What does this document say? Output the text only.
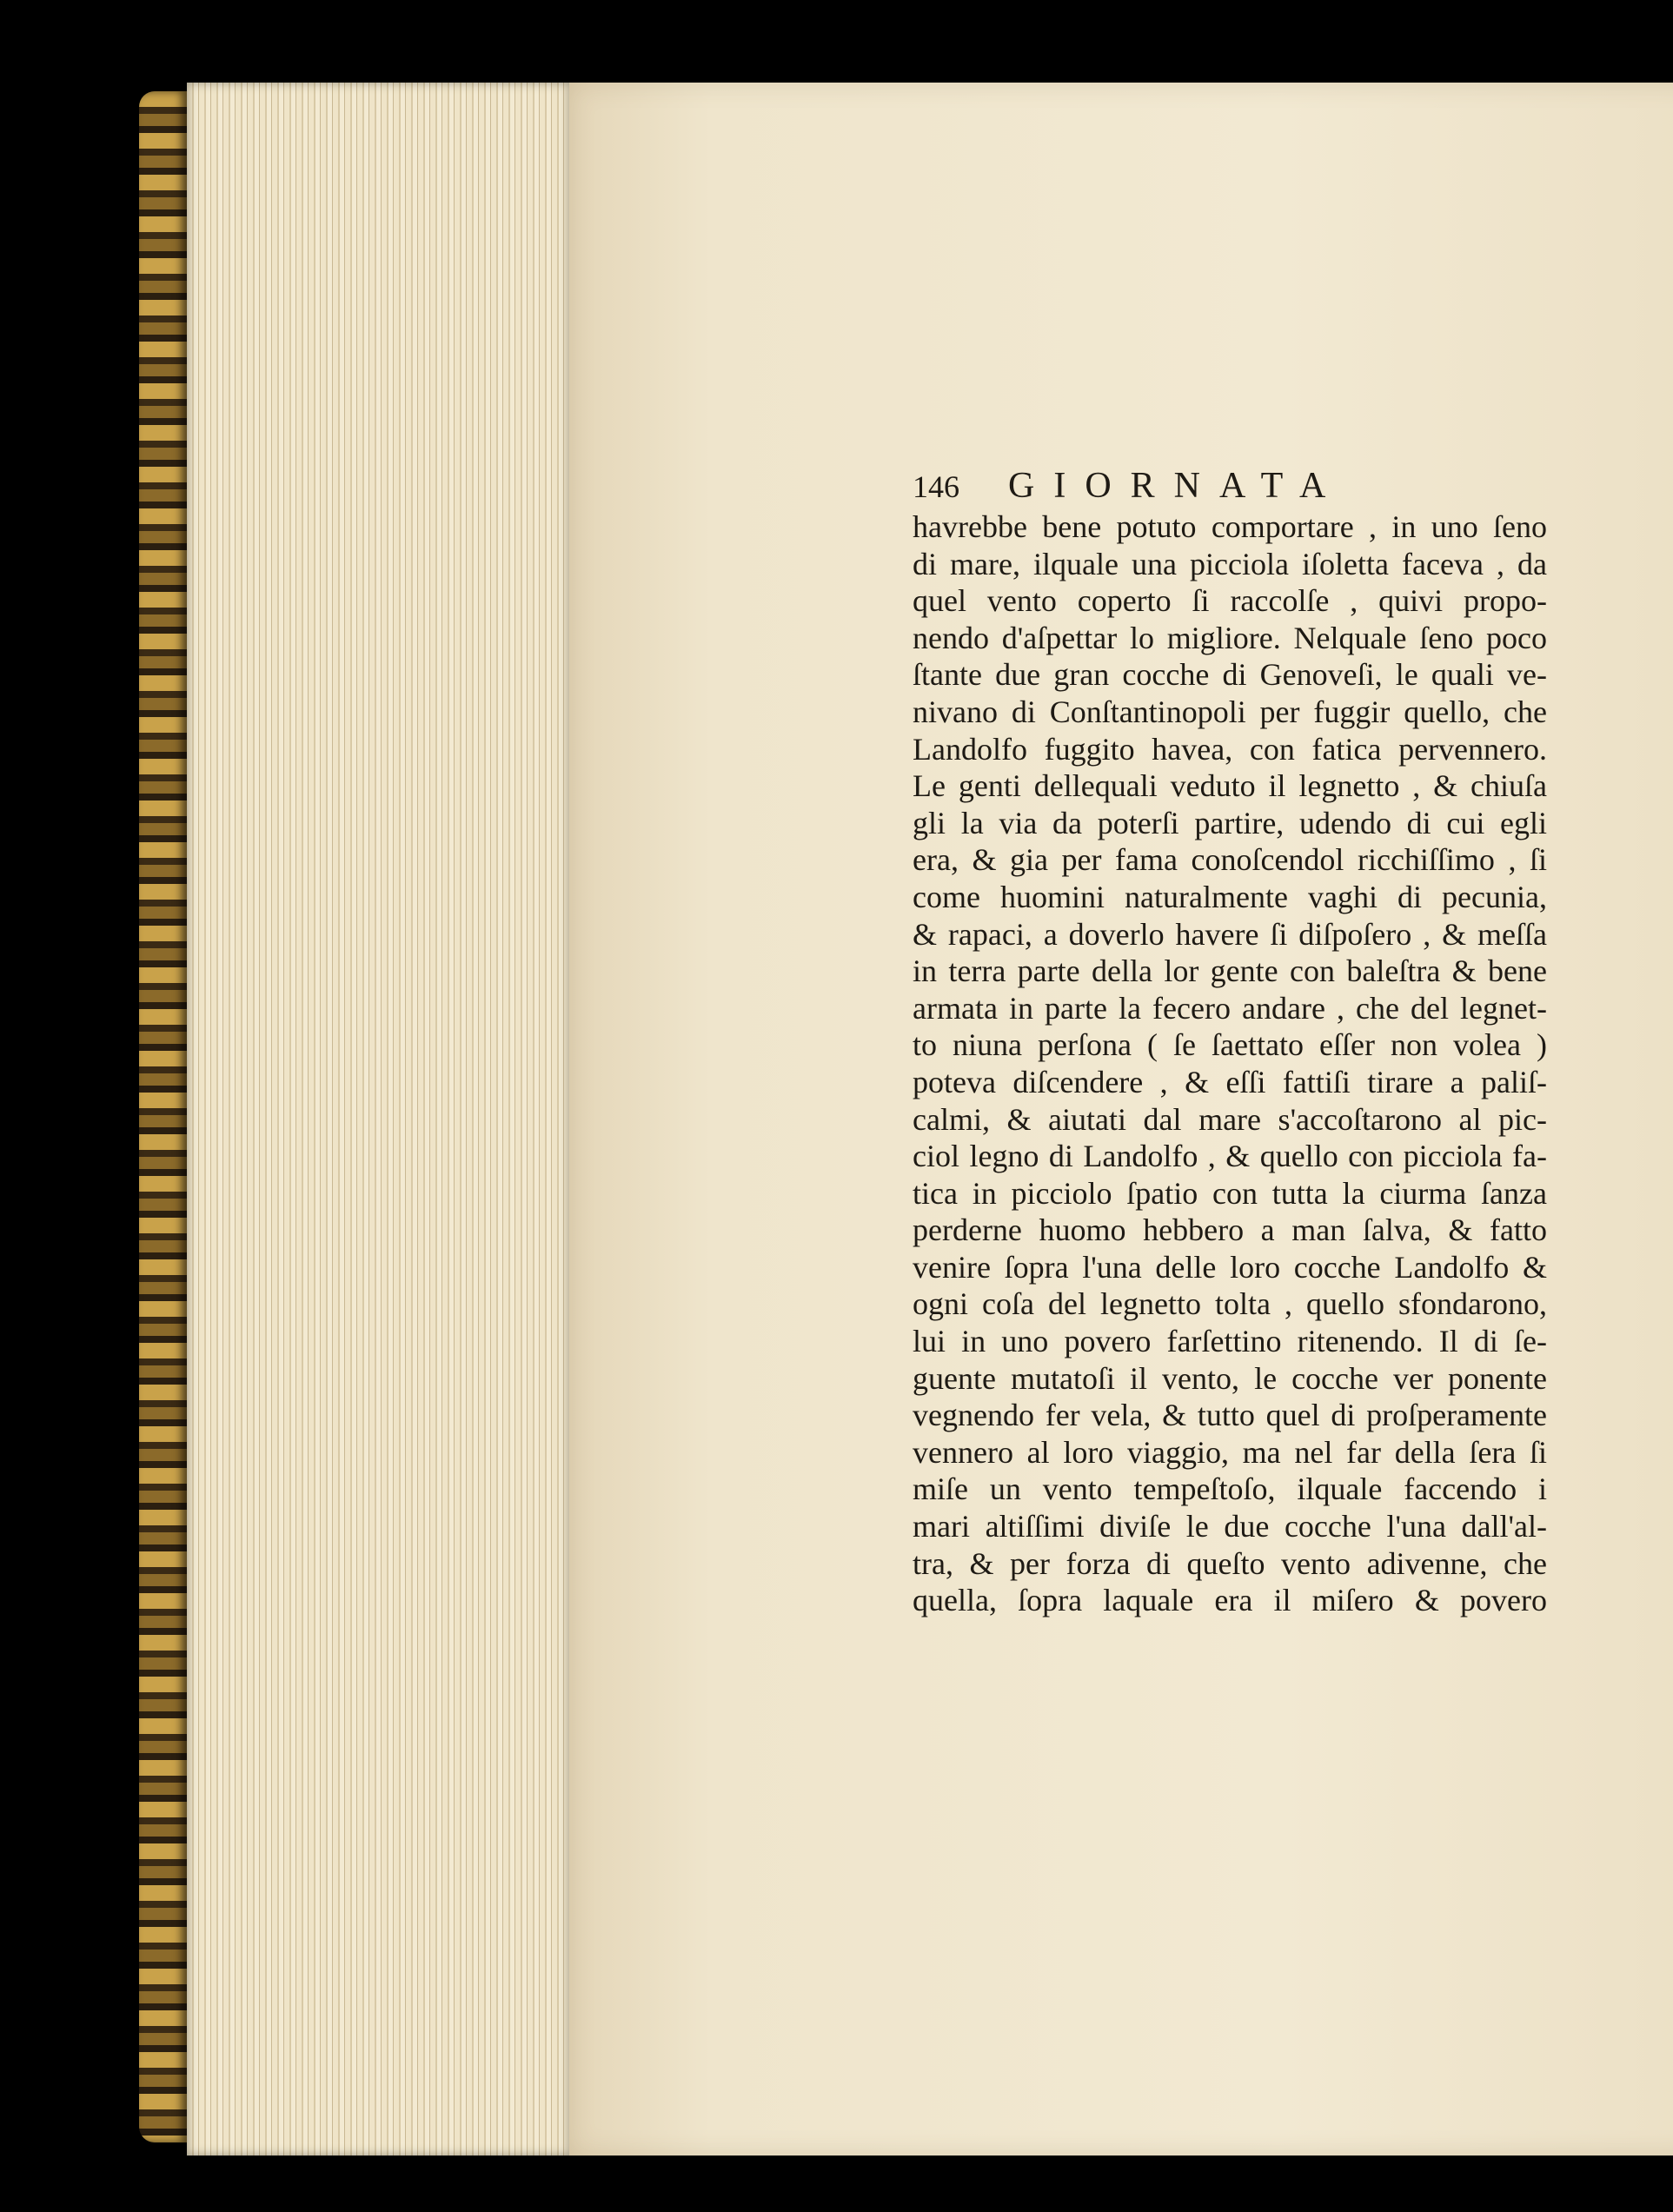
146	GIORNATA
havrebbe bene potuto comportare , in uno ſeno
di mare, ilquale una picciola iſoletta faceva , da
quel vento coperto ſi raccolſe , quivi propo-
nendo d'aſpettar lo migliore. Nelquale ſeno poco
ſtante due gran cocche di Genoveſi, le quali ve-
nivano di Conſtantinopoli per fuggir quello, che
Landolfo fuggito havea, con fatica pervennero.
Le genti dellequali veduto il legnetto , & chiuſa
gli la via da poterſi partire, udendo di cui egli
era, & gia per fama conoſcendol ricchiſſimo , ſi
come huomini naturalmente vaghi di pecunia,
& rapaci, a doverlo havere ſi diſpoſero , & meſſa
in terra parte della lor gente con baleſtra & bene
armata in parte la fecero andare , che del legnet-
to niuna perſona ( ſe ſaettato eſſer non volea )
poteva diſcendere , & eſſi fattiſi tirare a paliſ-
calmi, & aiutati dal mare s'accoſtarono al pic-
ciol legno di Landolfo , & quello con picciola fa-
tica in picciolo ſpatio con tutta la ciurma ſanza
perderne huomo hebbero a man ſalva, & fatto
venire ſopra l'una delle loro cocche Landolfo &
ogni coſa del legnetto tolta , quello sfondarono,
lui in uno povero farſettino ritenendo. Il di ſe-
guente mutatoſi il vento, le cocche ver ponente
vegnendo fer vela, & tutto quel di proſperamente
vennero al loro viaggio, ma nel far della ſera ſi
miſe un vento tempeſtoſo, ilquale faccendo i
mari altiſſimi diviſe le due cocche l'una dall'al-
tra, & per forza di queſto vento adivenne, che
quella, ſopra laquale era il miſero & povero
